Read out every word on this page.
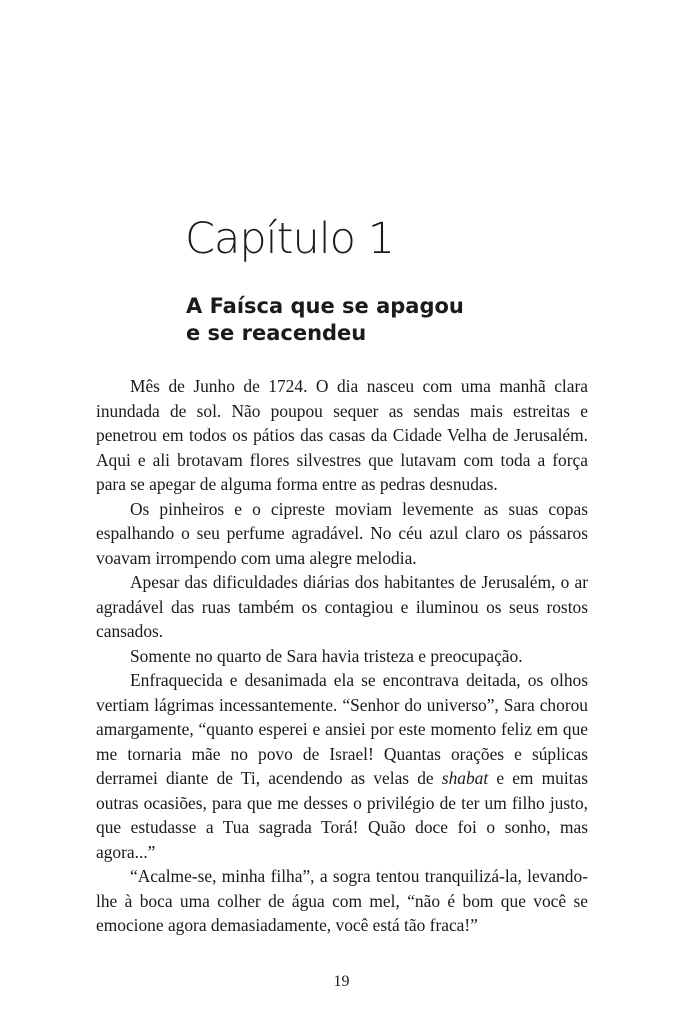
Capítulo 1
A Faísca que se apagou
e se reacendeu

Mês de Junho de 1724. O dia nasceu com uma manhã clara inundada de sol. Não poupou sequer as sendas mais estreitas e penetrou em todos os pátios das casas da Cidade Velha de Jerusalém. Aqui e ali brotavam flores silvestres que lutavam com toda a força para se apegar de alguma forma entre as pedras desnudas.

Os pinheiros e o cipreste moviam levemente as suas copas espalhando o seu perfume agradável. No céu azul claro os pássaros voavam irrompendo com uma alegre melodia.

Apesar das dificuldades diárias dos habitantes de Jerusalém, o ar agradável das ruas também os contagiou e iluminou os seus rostos cansados.

Somente no quarto de Sara havia tristeza e preocupação.

Enfraquecida e desanimada ela se encontrava deitada, os olhos vertiam lágrimas incessantemente. “Senhor do universo”, Sara chorou amargamente, “quanto esperei e ansiei por este momento feliz em que me tornaria mãe no povo de Israel! Quantas orações e súplicas derramei diante de Ti, acendendo as velas de shabat e em muitas outras ocasiões, para que me desses o privilégio de ter um filho justo, que estudasse a Tua sagrada Torá! Quão doce foi o sonho, mas agora...”

“Acalme-se, minha filha”, a sogra tentou tranquilizá-la, levando-lhe à boca uma colher de água com mel, “não é bom que você se emocione agora demasiadamente, você está tão fraca!”

19
